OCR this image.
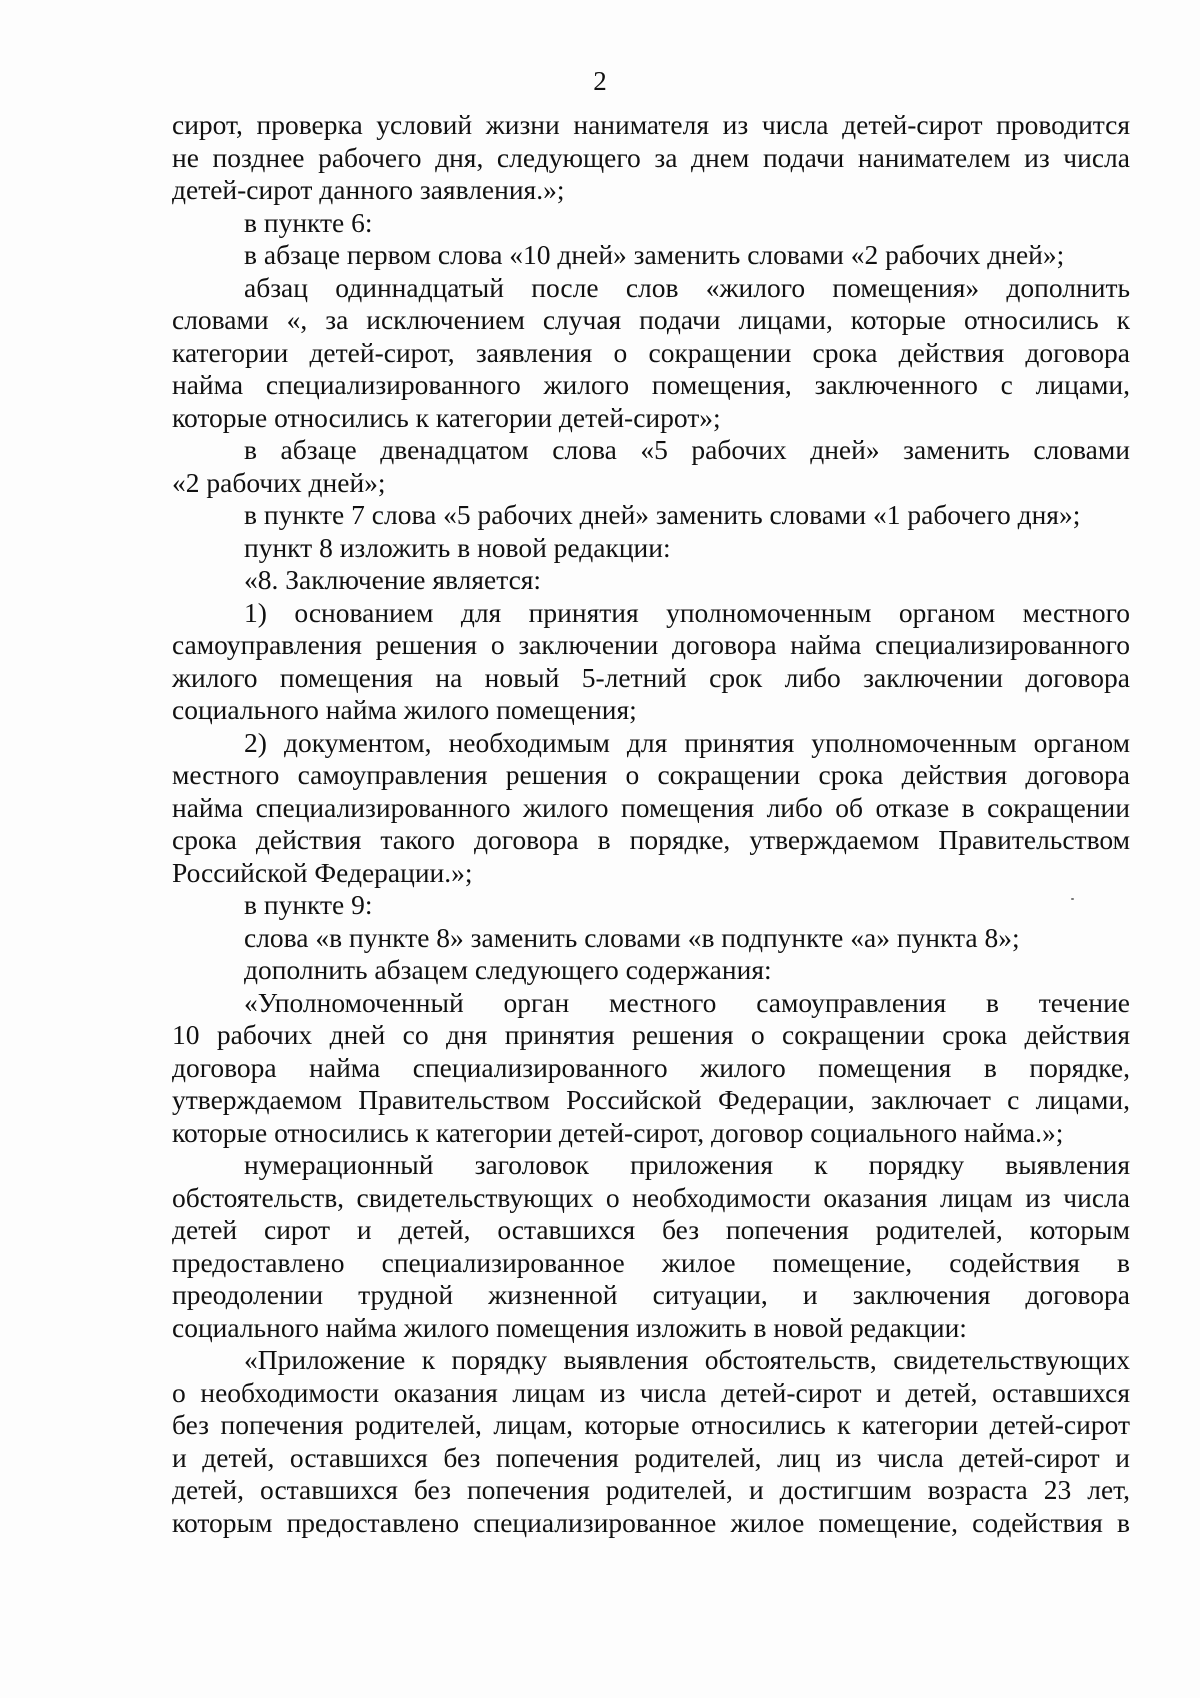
2
сирот, проверка условий жизни нанимателя из числа детей-сирот проводится
не позднее рабочего дня, следующего за днем подачи нанимателем из числа
детей-сирот данного заявления.»;
в пункте 6:
в абзаце первом слова «10 дней» заменить словами «2 рабочих дней»;
абзац одиннадцатый после слов «жилого помещения» дополнить
словами «, за исключением случая подачи лицами, которые относились к
категории детей-сирот, заявления о сокращении срока действия договора
найма специализированного жилого помещения, заключенного с лицами,
которые относились к категории детей-сирот»;
в абзаце двенадцатом слова «5 рабочих дней» заменить словами
«2 рабочих дней»;
в пункте 7 слова «5 рабочих дней» заменить словами «1 рабочего дня»;
пункт 8 изложить в новой редакции:
«8. Заключение является:
1) основанием для принятия уполномоченным органом местного
самоуправления решения о заключении договора найма специализированного
жилого помещения на новый 5-летний срок либо заключении договора
социального найма жилого помещения;
2) документом, необходимым для принятия уполномоченным органом
местного самоуправления решения о сокращении срока действия договора
найма специализированного жилого помещения либо об отказе в сокращении
срока действия такого договора в порядке, утверждаемом Правительством
Российской Федерации.»;
в пункте 9:
слова «в пункте 8» заменить словами «в подпункте «а» пункта 8»;
дополнить абзацем следующего содержания:
«Уполномоченный орган местного самоуправления в течение
10 рабочих дней со дня принятия решения о сокращении срока действия
договора найма специализированного жилого помещения в порядке,
утверждаемом Правительством Российской Федерации, заключает с лицами,
которые относились к категории детей-сирот, договор социального найма.»;
нумерационный заголовок приложения к порядку выявления
обстоятельств, свидетельствующих о необходимости оказания лицам из числа
детей сирот и детей, оставшихся без попечения родителей, которым
предоставлено специализированное жилое помещение, содействия в
преодолении трудной жизненной ситуации, и заключения договора
социального найма жилого помещения изложить в новой редакции:
«Приложение к порядку выявления обстоятельств, свидетельствующих
о необходимости оказания лицам из числа детей-сирот и детей, оставшихся
без попечения родителей, лицам, которые относились к категории детей-сирот
и детей, оставшихся без попечения родителей, лиц из числа детей-сирот и
детей, оставшихся без попечения родителей, и достигшим возраста 23 лет,
которым предоставлено специализированное жилое помещение, содействия в
